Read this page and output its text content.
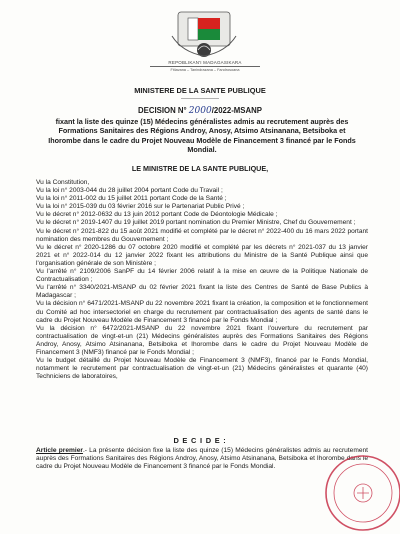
REPOBLIKAN'I MADAGASIKARA
Fitiavana – Tanindrazana – Fandrosoana
MINISTERE DE LA SANTE PUBLIQUE
-------------------
DECISION N° 2000/2022-MSANP
fixant la liste des quinze (15) Médecins généralistes admis au recrutement auprès des Formations Sanitaires des Régions Androy, Anosy, Atsimo Atsinanana, Betsiboka et Ihorombe dans le cadre du Projet Nouveau Modèle de Financement 3 financé par le Fonds Mondial.
LE MINISTRE DE LA SANTE PUBLIQUE,

Vu la Constitution,

Vu la loi n° 2003-044 du 28 juillet 2004 portant Code du Travail ;

Vu la loi n° 2011-002 du 15 juillet 2011 portant Code de la Santé ;

Vu la loi n° 2015-039 du 03 février 2016 sur le Partenariat Public Privé ;

Vu le décret n° 2012-0632 du 13 juin 2012 portant Code de Déontologie Médicale ;

Vu le décret n° 2019-1407 du 19 juillet 2019 portant nomination du Premier Ministre, Chef du Gouvernement ;

Vu le décret n° 2021-822 du 15 août 2021 modifié et complété par le décret n° 2022-400 du 16 mars 2022 portant nomination des membres du Gouvernement ;

Vu le décret n° 2020-1286 du 07 octobre 2020 modifié et complété par les décrets n° 2021-037 du 13 janvier 2021 et n° 2022-014 du 12 janvier 2022 fixant les attributions du Ministre de la Santé Publique ainsi que l'organisation générale de son Ministère ;

Vu l'arrêté n° 2109/2006 SanPF du 14 février 2006 relatif à la mise en œuvre de la Politique Nationale de Contractualisation ;

Vu l'arrêté n° 3340/2021-MSANP du 02 février 2021 fixant la liste des Centres de Santé de Base Publics à Madagascar ;

Vu la décision n° 6471/2021-MSANP du 22 novembre 2021 fixant la création, la composition et le fonctionnement du Comité ad hoc intersectoriel en charge du recrutement par contractualisation des agents de santé dans le cadre du Projet Nouveau Modèle de Financement 3 financé par le Fonds Mondial ;

Vu la décision n° 6472/2021-MSANP du 22 novembre 2021 fixant l'ouverture du recrutement par contractualisation de vingt-et-un (21) Médecins généralistes auprès des Formations Sanitaires des Régions Androy, Anosy, Atsimo Atsinanana, Betsiboka et Ihorombe dans le cadre du Projet Nouveau Modèle de Financement 3 (NMF3) financé par le Fonds Mondial ;

Vu le budget détaillé du Projet Nouveau Modèle de Financement 3 (NMF3), financé par le Fonds Mondial, notamment le recrutement par contractualisation de vingt-et-un (21) Médecins généralistes et quarante (40) Techniciens de laboratoires,

D E C I D E :
Article premier.- La présente décision fixe la liste des quinze (15) Médecins généralistes admis au recrutement auprès des Formations Sanitaires des Régions Androy, Anosy, Atsimo Atsinanana, Betsiboka et Ihorombe dans le cadre du Projet Nouveau Modèle de Financement 3 financé par le Fonds Mondial.
